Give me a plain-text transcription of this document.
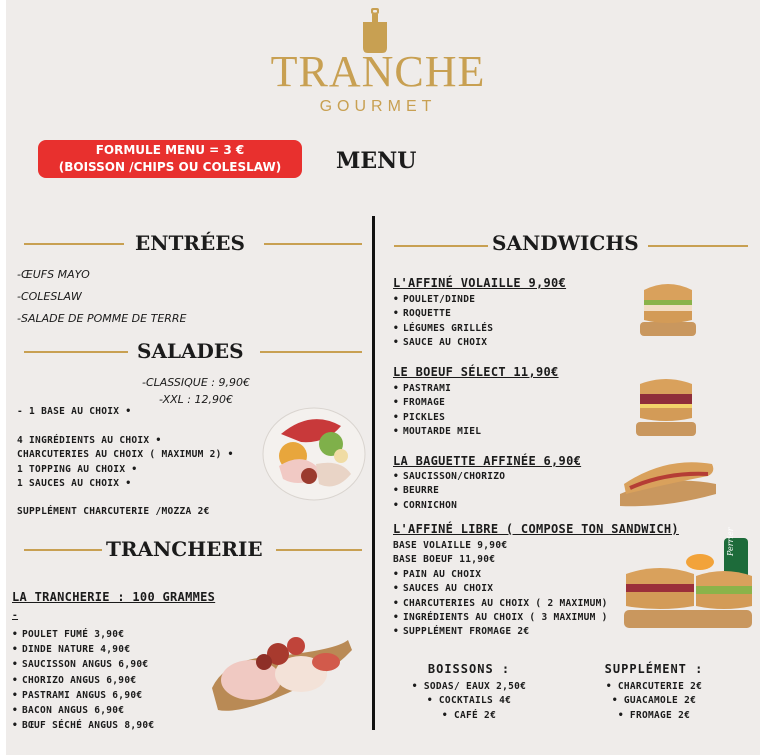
TRANCHE
GOURMET
FORMULE MENU = 3 €
(BOISSON /CHIPS OU COLESLAW)	MENU
ENTRÉES
-ŒUFS MAYO
-COLESLAW
-SALADE DE POMME DE TERRE
SALADES
-CLASSIQUE : 9,90€
-XXL : 12,90€
- 1 BASE AU CHOIX •
4 INGRÉDIENTS AU CHOIX •
CHARCUTERIES AU CHOIX ( MAXIMUM 2) •
1 TOPPING AU CHOIX •
1 SAUCES AU CHOIX •
SUPPLÉMENT CHARCUTERIE /MOZZA 2€
TRANCHERIE
LA TRANCHERIE : 100 GRAMMES
-
• POULET FUMÉ 3,90€
• DINDE NATURE 4,90€
• SAUCISSON ANGUS 6,90€
• CHORIZO ANGUS 6,90€
• PASTRAMI ANGUS 6,90€
• BACON ANGUS 6,90€
• BŒUF SÉCHÉ ANGUS 8,90€
SANDWICHS
L'AFFINÉ VOLAILLE 9,90€
• POULET/DINDE
• ROQUETTE
• LÉGUMES GRILLÉS
• SAUCE AU CHOIX
LE BOEUF SÉLECT 11,90€
• PASTRAMI
• FROMAGE
• PICKLES
• MOUTARDE MIEL
LA BAGUETTE AFFINÉE 6,90€
• SAUCISSON/CHORIZO
• BEURRE
• CORNICHON
L'AFFINÉ LIBRE ( COMPOSE TON SANDWICH)
BASE VOLAILLE 9,90€
BASE BOEUF 11,90€
• PAIN AU CHOIX
• SAUCES AU CHOIX
• CHARCUTERIES AU CHOIX ( 2 MAXIMUM)
• INGRÉDIENTS AU CHOIX ( 3 MAXIMUM )
• SUPPLÉMENT FROMAGE 2€
Perrier
BOISSONS :
• SODAS/ EAUX 2,50€
• COCKTAILS 4€
• CAFÉ 2€
SUPPLÉMENT :
• CHARCUTERIE 2€
• GUACAMOLE 2€
• FROMAGE 2€
